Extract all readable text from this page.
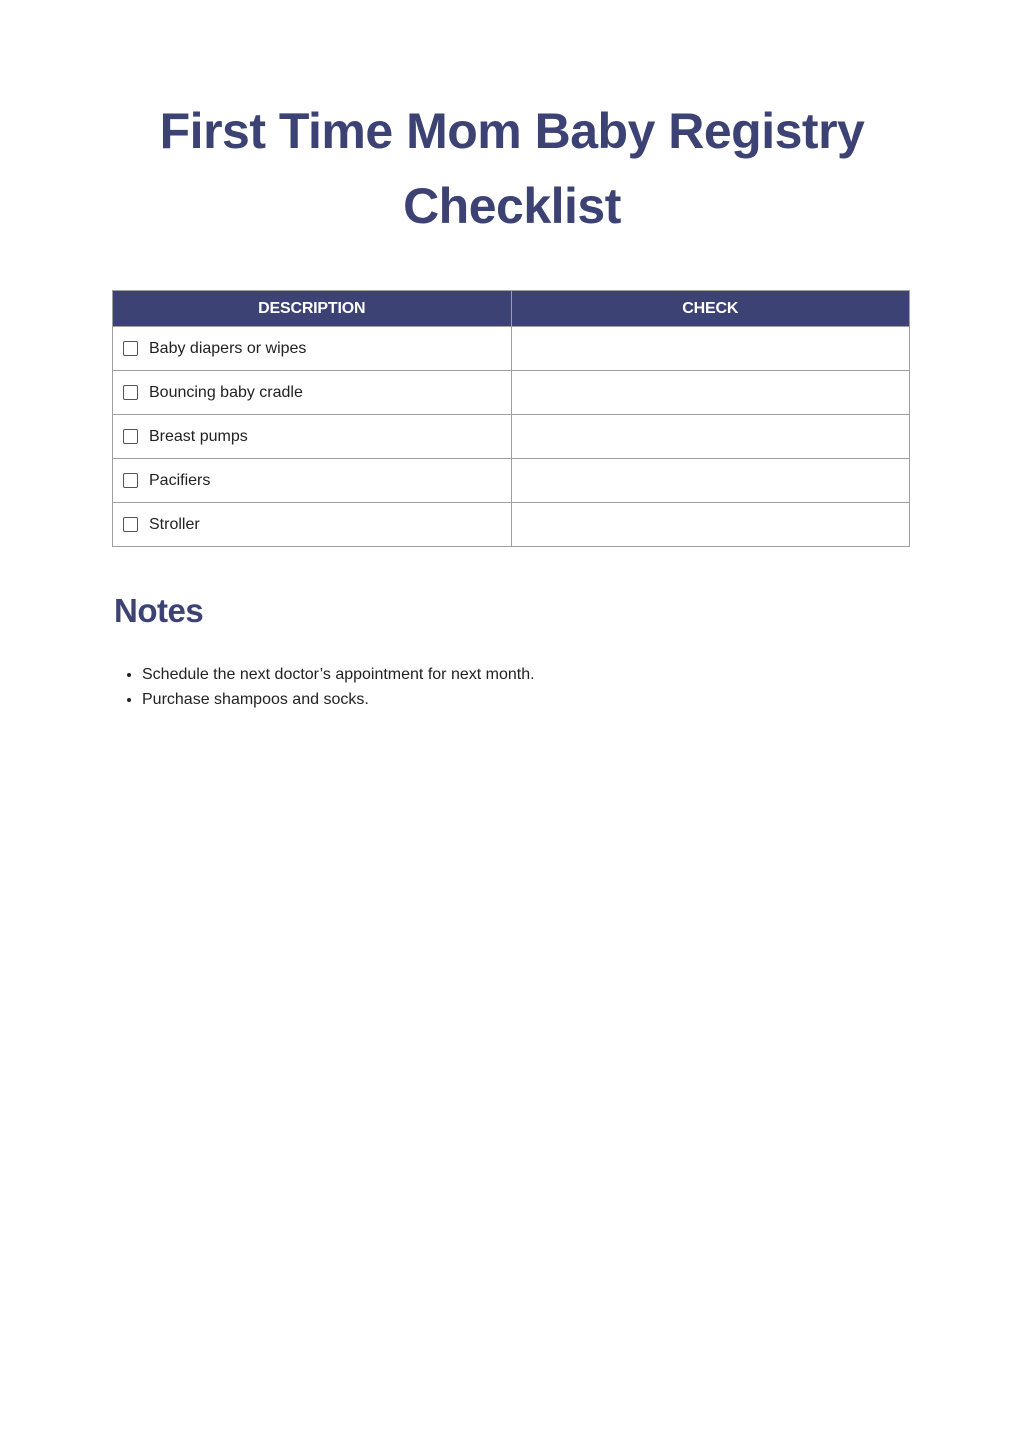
First Time Mom Baby Registry Checklist
DESCRIPTION	CHECK

Baby diapers or wipes	

Bouncing baby cradle	

Breast pumps	

Pacifiers	

Stroller	

Notes
• Schedule the next doctor’s appointment for next month.
• Purchase shampoos and socks.
